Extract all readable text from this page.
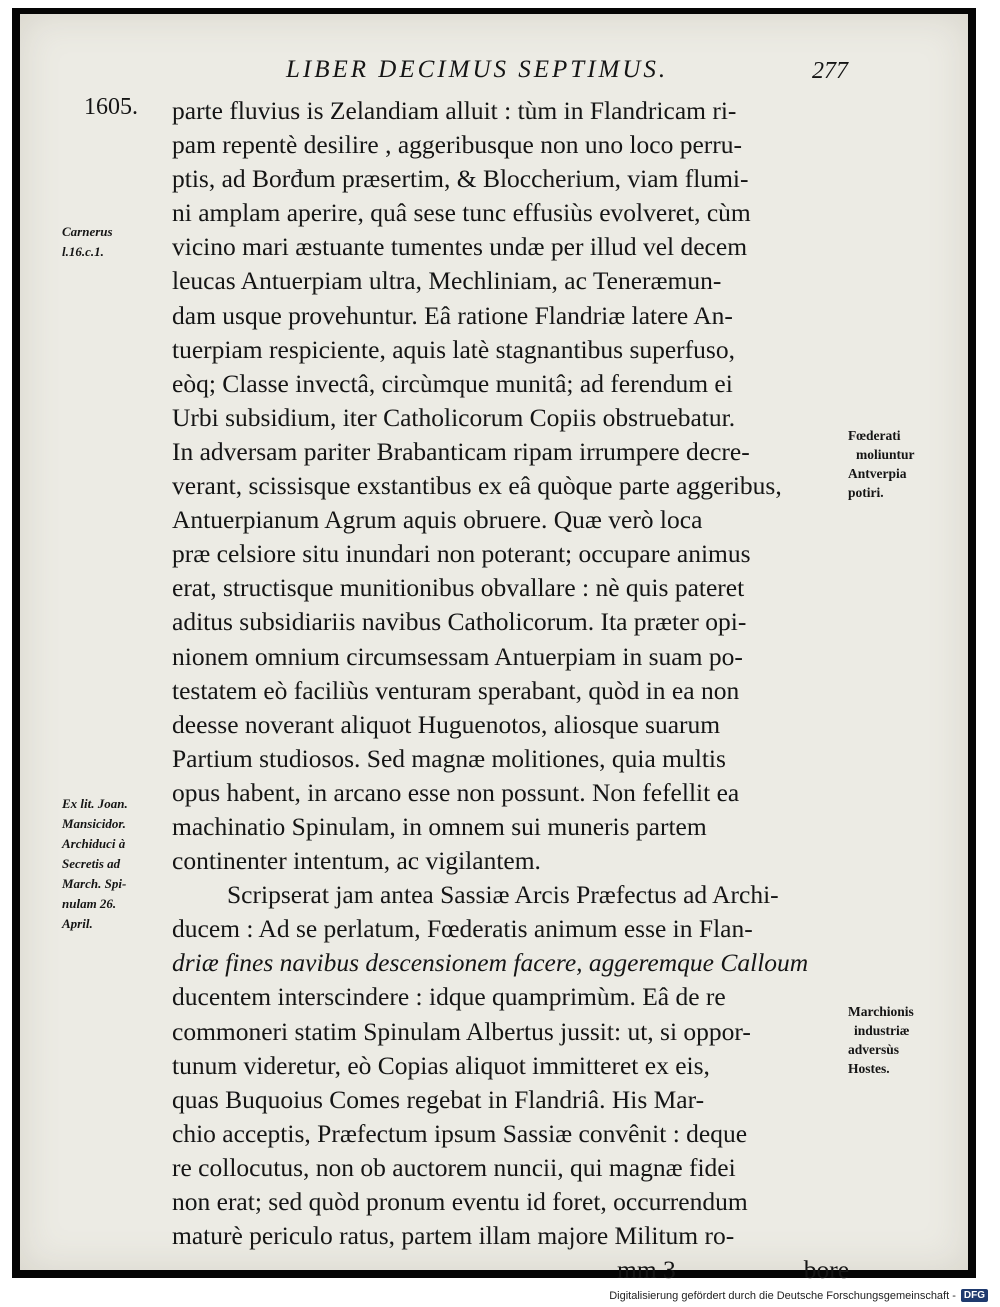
LIBER DECIMUS SEPTIMUS.	277
1605. parte fluvius is Zelandiam alluit : tùm in Flandricam ri-
pam repentè desilire , aggeribusque non uno loco perru-
ptis, ad Borđum præsertim, & Bloccherium, viam flumi-
ni amplam aperire, quâ sese tunc effusiùs evolveret, cùm
vicino mari æstuante tumentes undæ per illud vel decem
leucas Antuerpiam ultra, Mechliniam, ac Teneræmun-
dam usque provehuntur. Eâ ratione Flandriæ latere An-
tuerpiam respiciente, aquis latè stagnantibus superfuso,
eòq; Classe invectâ, circùmque munitâ; ad ferendum ei
Urbi subsidium, iter Catholicorum Copiis obstruebatur.
In adversam pariter Brabanticam ripam irrumpere decre-
verant, scissisque exstantibus ex eâ quòque parte aggeribus,
Antuerpianum Agrum aquis obruere. Quæ verò loca
præ celsiore situ inundari non poterant; occupare animus
erat, structisque munitionibus obvallare : nè quis pateret
aditus subsidiariis navibus Catholicorum. Ita præter opi-
nionem omnium circumsessam Antuerpiam in suam po-
testatem eò faciliùs venturam sperabant, quòd in ea non
deesse noverant aliquot Huguenotos, aliosque suarum
Partium studiosos. Sed magnæ molitiones, quia multis
opus habent, in arcano esse non possunt. Non fefellit ea
machinatio Spinulam, in omnem sui muneris partem
continenter intentum, ac vigilantem.
Scripserat jam antea Sassiæ Arcis Præfectus ad Archi-
ducem : Ad se perlatum, Fœderatis animum esse in Flan-
driæ fines navibus descensionem facere, aggeremque Calloum
ducentem interscindere : idque quamprimùm. Eâ de re
commoneri statim Spinulam Albertus jussit: ut, si oppor-
tunum videretur, eò Copias aliquot immitteret ex eis,
quas Buquoius Comes regebat in Flandriâ. His Mar-
chio acceptis, Præfectum ipsum Sassiæ convênit : deque
re collocutus, non ob auctorem nuncii, qui magnæ fidei
non erat; sed quòd pronum eventu id foret, occurrendum
maturè periculo ratus, partem illam majore Militum ro-
mm 3	bore
Carnerus
l.16.c.1.
Ex lit. Joan.
Mansicidor.
Archiduci à
Secretis ad
March. Spi-
nulam 26.
April.
Fœderati
moliuntur
Antverpia
potiri.
Marchionis
industriæ
adversùs
Hostes.
Digitalisierung gefördert durch die Deutsche Forschungsgemeinschaft - DFG
